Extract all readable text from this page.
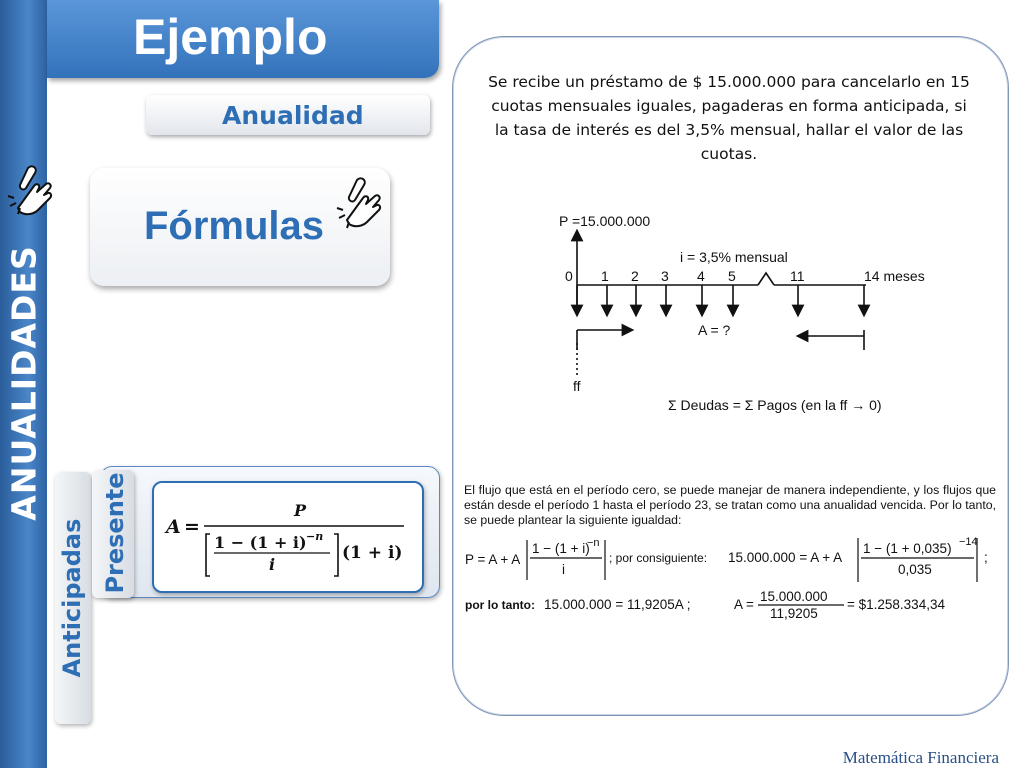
ANUALIDADES
Ejemplo
Anualidad
Fórmulas
Anticipadas Presente A =
P
1 − (1 + i) −n
i
(1 + i)
Se recibe un préstamo de $ 15.000.000 para cancelarlo en 15 cuotas mensuales iguales, pagaderas en forma anticipada, si la tasa de interés es del 3,5% mensual, hallar el valor de las cuotas.
P =15.000.000
i = 3,5% mensual
0 1 2 3 4 5	11	14 meses
A = ?
ff
Σ Deudas = Σ Pagos (en la ff → 0)
El flujo que está en el período cero, se puede manejar de manera independiente, y los flujos que están desde el período 1 hasta el período 23, se tratan como una anualidad vencida. Por lo tanto, se puede plantear la siguiente igualdad:
P = A + A
1 − (1 + i)
−n
i
; por consiguiente: 15.000.000 = A + A
1 − (1 + 0,035) −14
0,035
;
por lo tanto: 15.000.000 = 11,9205A ;	A =
15.000.000
11,9205
= $1.258.334,34
Matemática Financiera
